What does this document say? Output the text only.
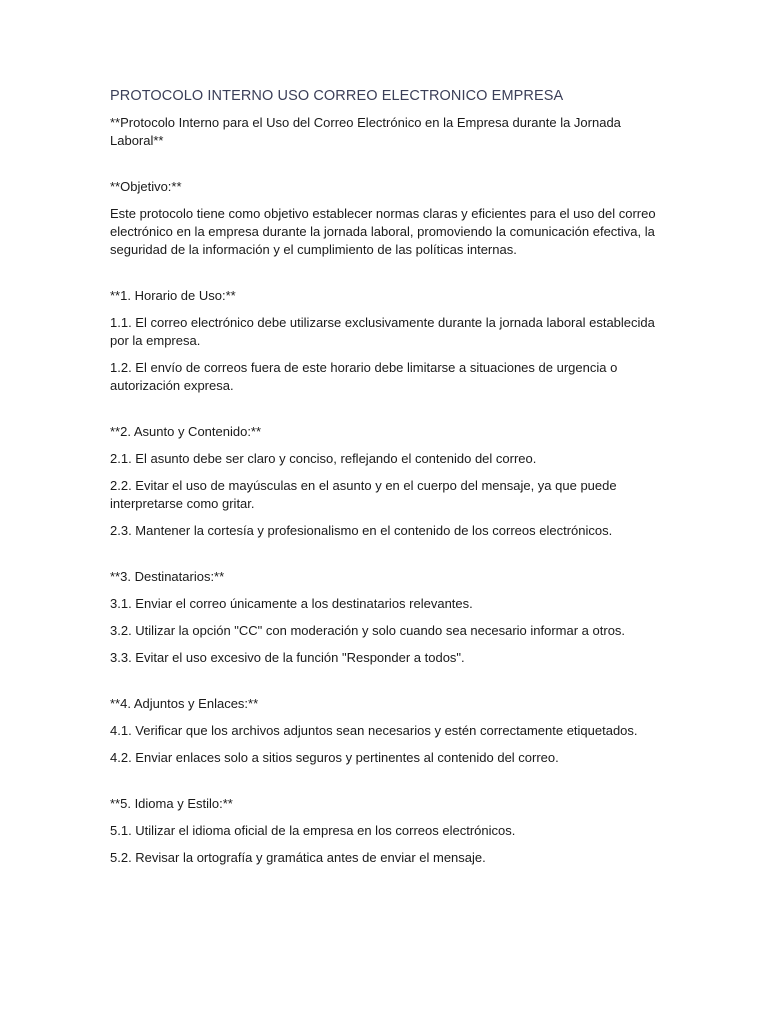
PROTOCOLO INTERNO USO CORREO ELECTRONICO EMPRESA

**Protocolo Interno para el Uso del Correo Electrónico en la Empresa durante la Jornada Laboral**

**Objetivo:**

Este protocolo tiene como objetivo establecer normas claras y eficientes para el uso del correo electrónico en la empresa durante la jornada laboral, promoviendo la comunicación efectiva, la seguridad de la información y el cumplimiento de las políticas internas.

**1. Horario de Uso:**

1.1. El correo electrónico debe utilizarse exclusivamente durante la jornada laboral establecida por la empresa.

1.2. El envío de correos fuera de este horario debe limitarse a situaciones de urgencia o autorización expresa.

**2. Asunto y Contenido:**

2.1. El asunto debe ser claro y conciso, reflejando el contenido del correo.

2.2. Evitar el uso de mayúsculas en el asunto y en el cuerpo del mensaje, ya que puede interpretarse como gritar.

2.3. Mantener la cortesía y profesionalismo en el contenido de los correos electrónicos.

**3. Destinatarios:**

3.1. Enviar el correo únicamente a los destinatarios relevantes.

3.2. Utilizar la opción "CC" con moderación y solo cuando sea necesario informar a otros.

3.3. Evitar el uso excesivo de la función "Responder a todos".

**4. Adjuntos y Enlaces:**

4.1. Verificar que los archivos adjuntos sean necesarios y estén correctamente etiquetados.

4.2. Enviar enlaces solo a sitios seguros y pertinentes al contenido del correo.

**5. Idioma y Estilo:**

5.1. Utilizar el idioma oficial de la empresa en los correos electrónicos.

5.2. Revisar la ortografía y gramática antes de enviar el mensaje.
